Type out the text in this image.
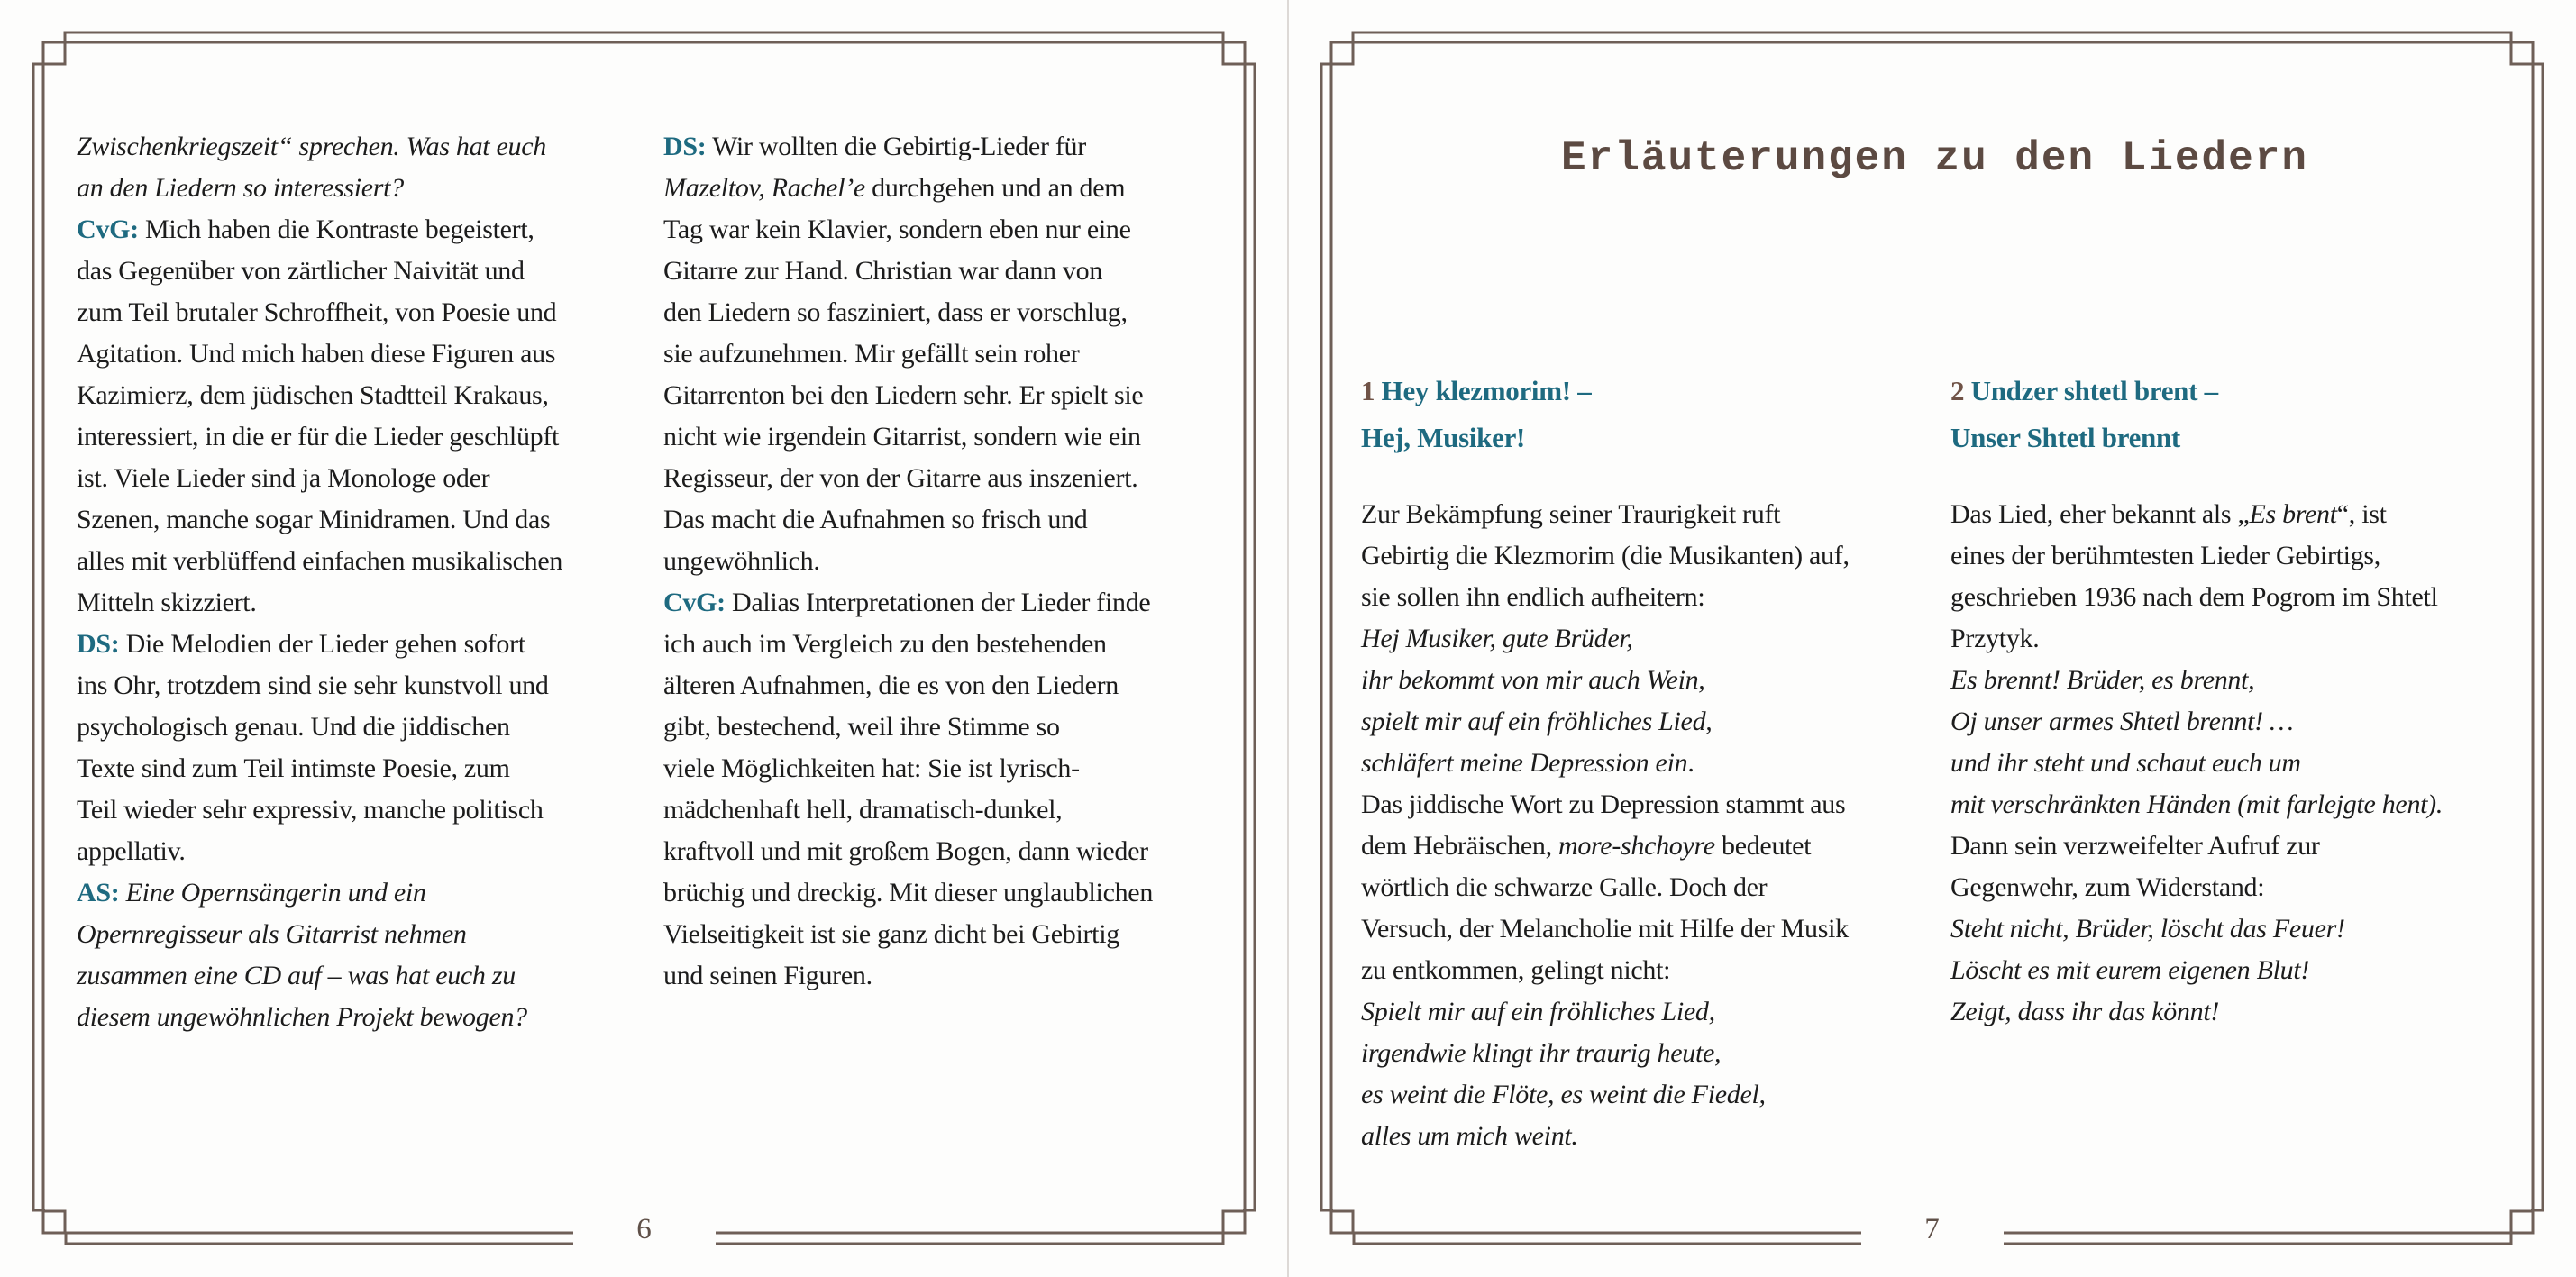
Zwischenkriegszeit“ sprechen. Was hat euch
an den Liedern so interessiert?
CvG: Mich haben die Kontraste begeistert,
das Gegenüber von zärtlicher Naivität und
zum Teil brutaler Schroffheit, von Poesie und
Agitation. Und mich haben diese Figuren aus
Kazimierz, dem jüdischen Stadtteil Krakaus,
interessiert, in die er für die Lieder geschlüpft
ist. Viele Lieder sind ja Monologe oder
Szenen, manche sogar Minidramen. Und das
alles mit verblüffend einfachen musikalischen
Mitteln skizziert.
DS: Die Melodien der Lieder gehen sofort
ins Ohr, trotzdem sind sie sehr kunstvoll und
psychologisch genau. Und die jiddischen
Texte sind zum Teil intimste Poesie, zum
Teil wieder sehr expressiv, manche politisch
appellativ.
AS: Eine Opernsängerin und ein
Opernregisseur als Gitarrist nehmen
zusammen eine CD auf – was hat euch zu
diesem ungewöhnlichen Projekt bewogen?
DS: Wir wollten die Gebirtig-Lieder für
Mazeltov, Rachel’e durchgehen und an dem
Tag war kein Klavier, sondern eben nur eine
Gitarre zur Hand. Christian war dann von
den Liedern so fasziniert, dass er vorschlug,
sie aufzunehmen. Mir gefällt sein roher
Gitarrenton bei den Liedern sehr. Er spielt sie
nicht wie irgendein Gitarrist, sondern wie ein
Regisseur, der von der Gitarre aus inszeniert.
Das macht die Aufnahmen so frisch und
ungewöhnlich.
CvG: Dalias Interpretationen der Lieder finde
ich auch im Vergleich zu den bestehenden
älteren Aufnahmen, die es von den Liedern
gibt, bestechend, weil ihre Stimme so
viele Möglichkeiten hat: Sie ist lyrisch-
mädchenhaft hell, dramatisch-dunkel,
kraftvoll und mit großem Bogen, dann wieder
brüchig und dreckig. Mit dieser unglaublichen
Vielseitigkeit ist sie ganz dicht bei Gebirtig
und seinen Figuren.
6
Erläuterungen zu den Liedern
1 Hey klezmorim! –
Hej, Musiker!
Zur Bekämpfung seiner Traurigkeit ruft
Gebirtig die Klezmorim (die Musikanten) auf,
sie sollen ihn endlich aufheitern:
Hej Musiker, gute Brüder,
ihr bekommt von mir auch Wein,
spielt mir auf ein fröhliches Lied,
schläfert meine Depression ein.
Das jiddische Wort zu Depression stammt aus
dem Hebräischen, more-shchoyre bedeutet
wörtlich die schwarze Galle. Doch der
Versuch, der Melancholie mit Hilfe der Musik
zu entkommen, gelingt nicht:
Spielt mir auf ein fröhliches Lied,
irgendwie klingt ihr traurig heute,
es weint die Flöte, es weint die Fiedel,
alles um mich weint.
2 Undzer shtetl brent –
Unser Shtetl brennt
Das Lied, eher bekannt als „Es brent“, ist
eines der berühmtesten Lieder Gebirtigs,
geschrieben 1936 nach dem Pogrom im Shtetl
Przytyk.
Es brennt! Brüder, es brennt,
Oj unser armes Shtetl brennt! …
und ihr steht und schaut euch um
mit verschränkten Händen (mit farlejgte hent).
Dann sein verzweifelter Aufruf zur
Gegenwehr, zum Widerstand:
Steht nicht, Brüder, löscht das Feuer!
Löscht es mit eurem eigenen Blut!
Zeigt, dass ihr das könnt!
7
